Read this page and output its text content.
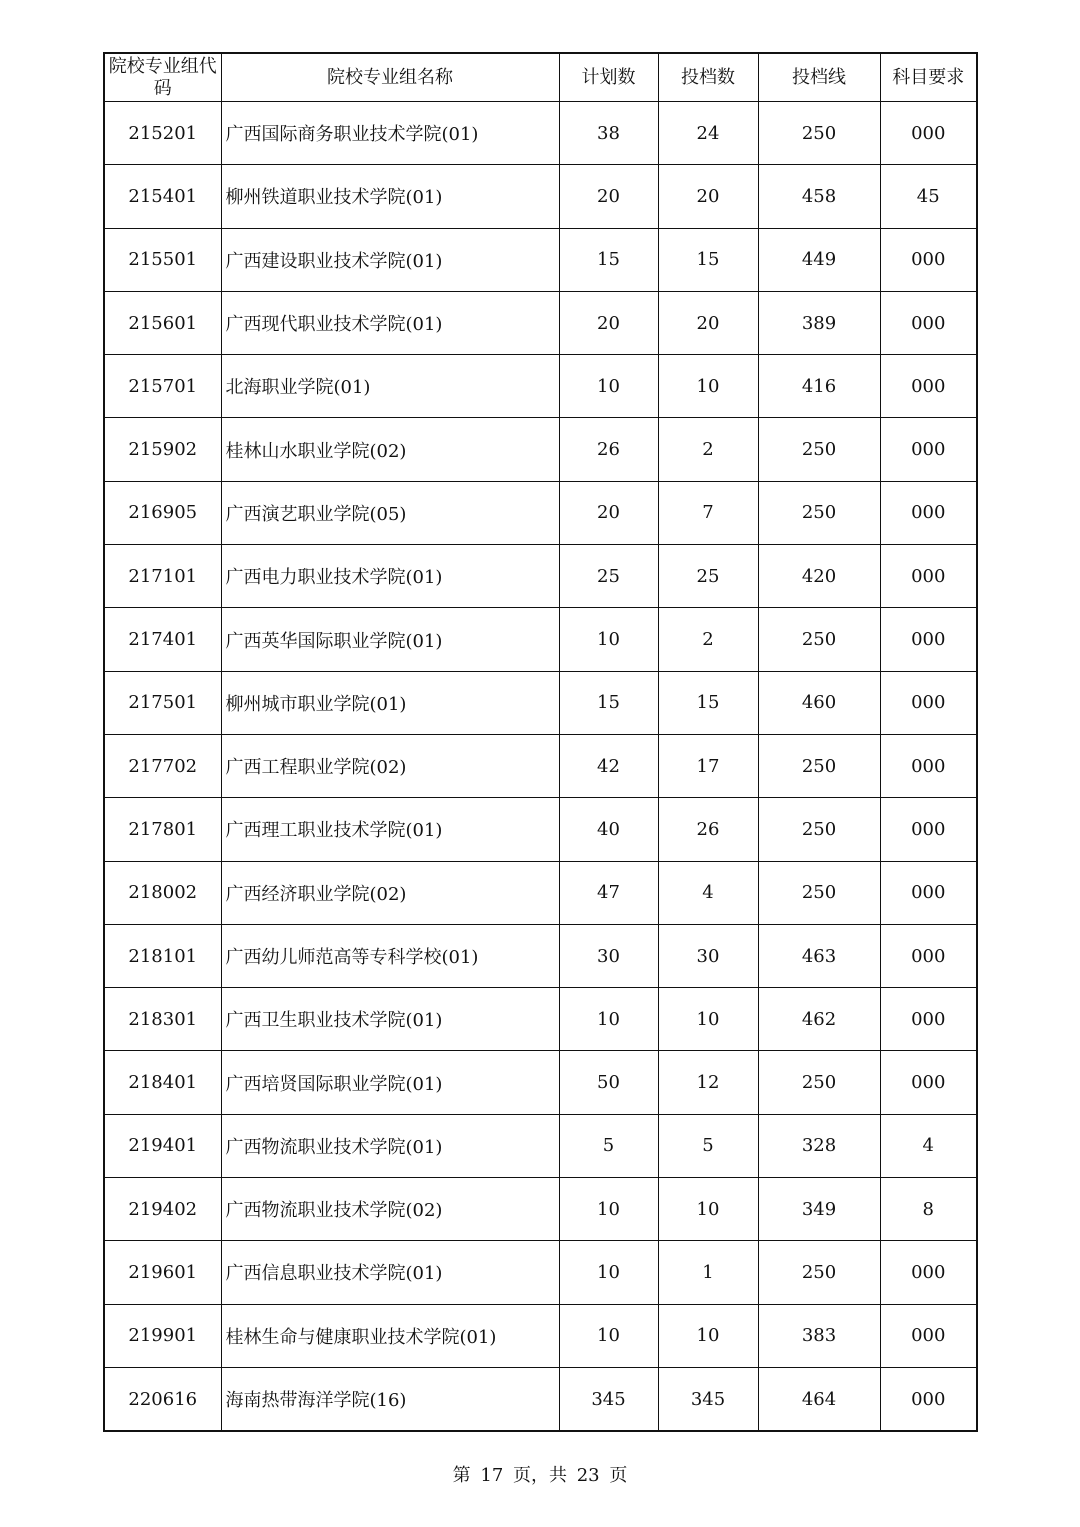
院校专业组代码	院校专业组名称	计划数	投档数	投档线	科目要求
215201	广西国际商务职业技术学院(01)	38	24	250	000
215401	柳州铁道职业技术学院(01)	20	20	458	45
215501	广西建设职业技术学院(01)	15	15	449	000
215601	广西现代职业技术学院(01)	20	20	389	000
215701	北海职业学院(01)	10	10	416	000
215902	桂林山水职业学院(02)	26	2	250	000
216905	广西演艺职业学院(05)	20	7	250	000
217101	广西电力职业技术学院(01)	25	25	420	000
217401	广西英华国际职业学院(01)	10	2	250	000
217501	柳州城市职业学院(01)	15	15	460	000
217702	广西工程职业学院(02)	42	17	250	000
217801	广西理工职业技术学院(01)	40	26	250	000
218002	广西经济职业学院(02)	47	4	250	000
218101	广西幼儿师范高等专科学校(01)	30	30	463	000
218301	广西卫生职业技术学院(01)	10	10	462	000
218401	广西培贤国际职业学院(01)	50	12	250	000
219401	广西物流职业技术学院(01)	5	5	328	4
219402	广西物流职业技术学院(02)	10	10	349	8
219601	广西信息职业技术学院(01)	10	1	250	000
219901	桂林生命与健康职业技术学院(01)	10	10	383	000
220616	海南热带海洋学院(16)	345	345	464	000
第 17 页，共 23 页
